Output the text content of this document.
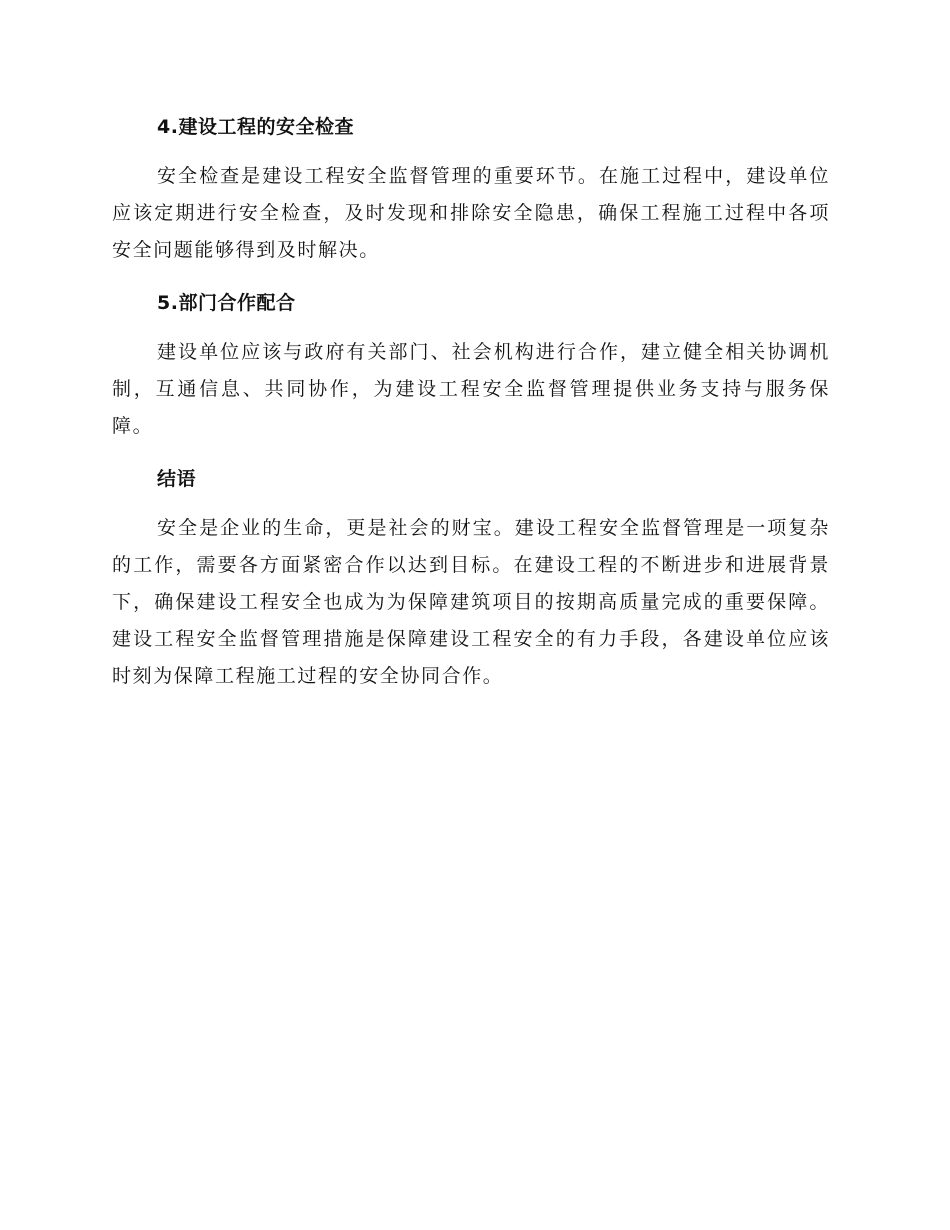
4.建设工程的安全检查

安全检查是建设工程安全监督管理的重要环节。在施工过程中，建设单位应该定期进行安全检查，及时发现和排除安全隐患，确保工程施工过程中各项安全问题能够得到及时解决。

5.部门合作配合

建设单位应该与政府有关部门、社会机构进行合作，建立健全相关协调机制，互通信息、共同协作，为建设工程安全监督管理提供业务支持与服务保障。

结语

安全是企业的生命，更是社会的财宝。建设工程安全监督管理是一项复杂的工作，需要各方面紧密合作以达到目标。在建设工程的不断进步和进展背景下，确保建设工程安全也成为为保障建筑项目的按期高质量完成的重要保障。建设工程安全监督管理措施是保障建设工程安全的有力手段，各建设单位应该时刻为保障工程施工过程的安全协同合作。
